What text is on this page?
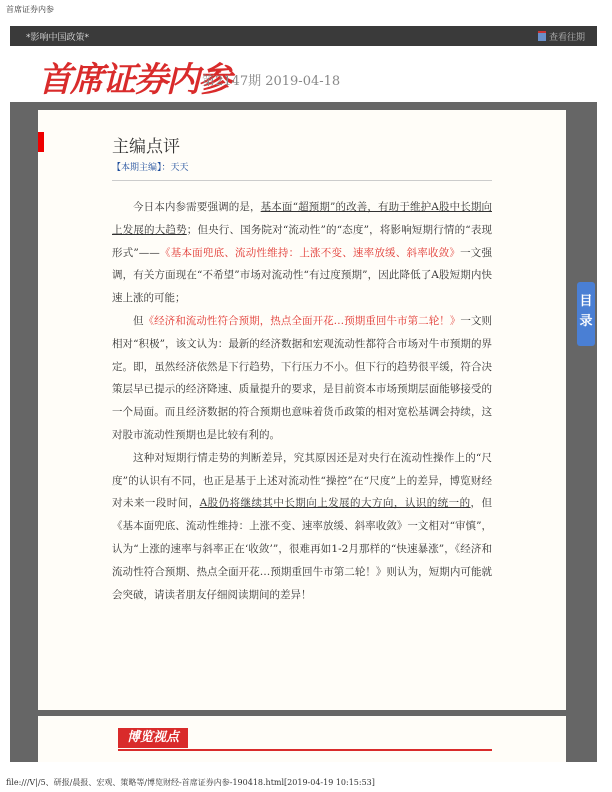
首席证券内参
*影响中国政策*	查看往期
首席证券内参
第2147期 2019-04-18
主编点评
【本期主编】：天天

今日本内参需要强调的是，基本面“超预期”的改善，有助于维护A股中长期向上发展的大趋势；但央行、国务院对“流动性”的“态度”，将影响短期行情的“表现形式”——《基本面兜底、流动性维持：上涨不变、速率放缓、斜率收敛》一文强调，有关方面现在“不希望”市场对流动性“有过度预期”，因此降低了A股短期内快速上涨的可能；

但《经济和流动性符合预期，热点全面开花…预期重回牛市第二轮！》一文则相对“积极”，该文认为：最新的经济数据和宏观流动性都符合市场对牛市预期的界定。即，虽然经济依然是下行趋势，下行压力不小。但下行的趋势很平缓，符合决策层早已提示的经济降速、质量提升的要求，是目前资本市场预期层面能够接受的一个局面。而且经济数据的符合预期也意味着货币政策的相对宽松基调会持续，这对股市流动性预期也是比较有利的。

这种对短期行情走势的判断差异，究其原因还是对央行在流动性操作上的“尺度”的认识有不同，也正是基于上述对流动性“操控”在“尺度”上的差异，博览财经对未来一段时间，A股仍将继续其中长期向上发展的大方向，认识的统一的，但《基本面兜底、流动性维持：上涨不变、速率放缓、斜率收敛》一文相对“审慎”，认为“上涨的速率与斜率正在‘收敛’”，很难再如1-2月那样的“快速暴涨”，《经济和流动性符合预期、热点全面开花…预期重回牛市第二轮！》则认为，短期内可能就会突破，请读者朋友仔细阅读期间的差异！

博览视点
目录
file:///V|/5、研报/晨报、宏观、策略等/博览财经-首席证券内参-190418.html[2019-04-19 10:15:53]
